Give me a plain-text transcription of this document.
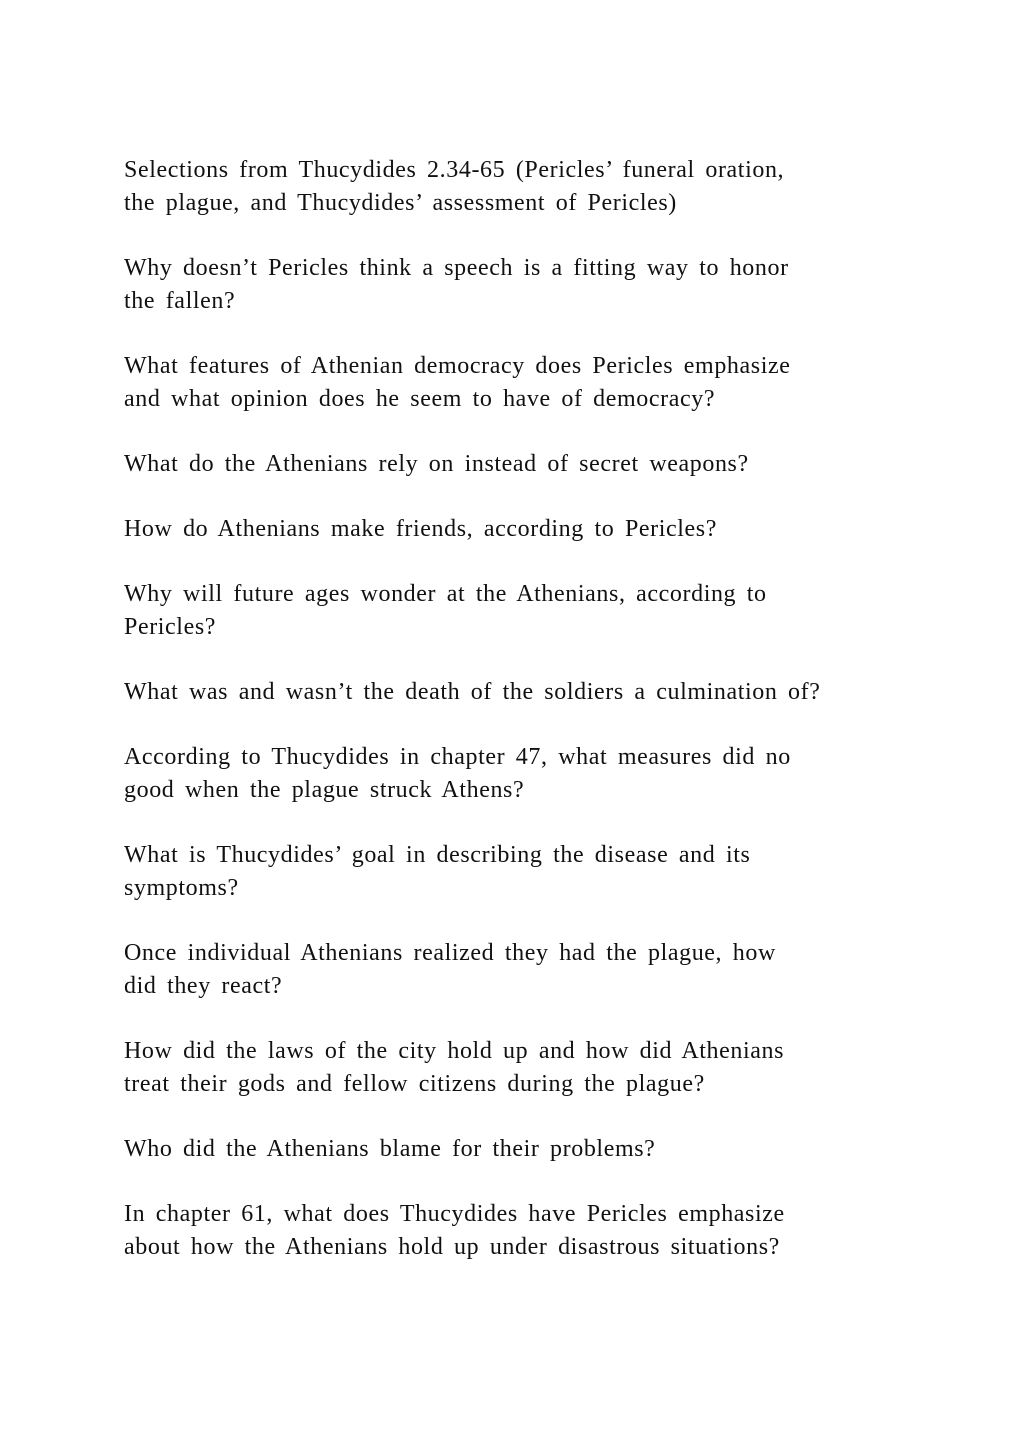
Selections from Thucydides 2.34-65 (Pericles’ funeral oration,
the plague, and Thucydides’ assessment of Pericles)

Why doesn’t Pericles think a speech is a fitting way to honor
the fallen?

What features of Athenian democracy does Pericles emphasize
and what opinion does he seem to have of democracy?

What do the Athenians rely on instead of secret weapons?

How do Athenians make friends, according to Pericles?

Why will future ages wonder at the Athenians, according to
Pericles?

What was and wasn’t the death of the soldiers a culmination of?

According to Thucydides in chapter 47, what measures did no
good when the plague struck Athens?

What is Thucydides’ goal in describing the disease and its
symptoms?

Once individual Athenians realized they had the plague, how
did they react?

How did the laws of the city hold up and how did Athenians
treat their gods and fellow citizens during the plague?

Who did the Athenians blame for their problems?

In chapter 61, what does Thucydides have Pericles emphasize
about how the Athenians hold up under disastrous situations?
